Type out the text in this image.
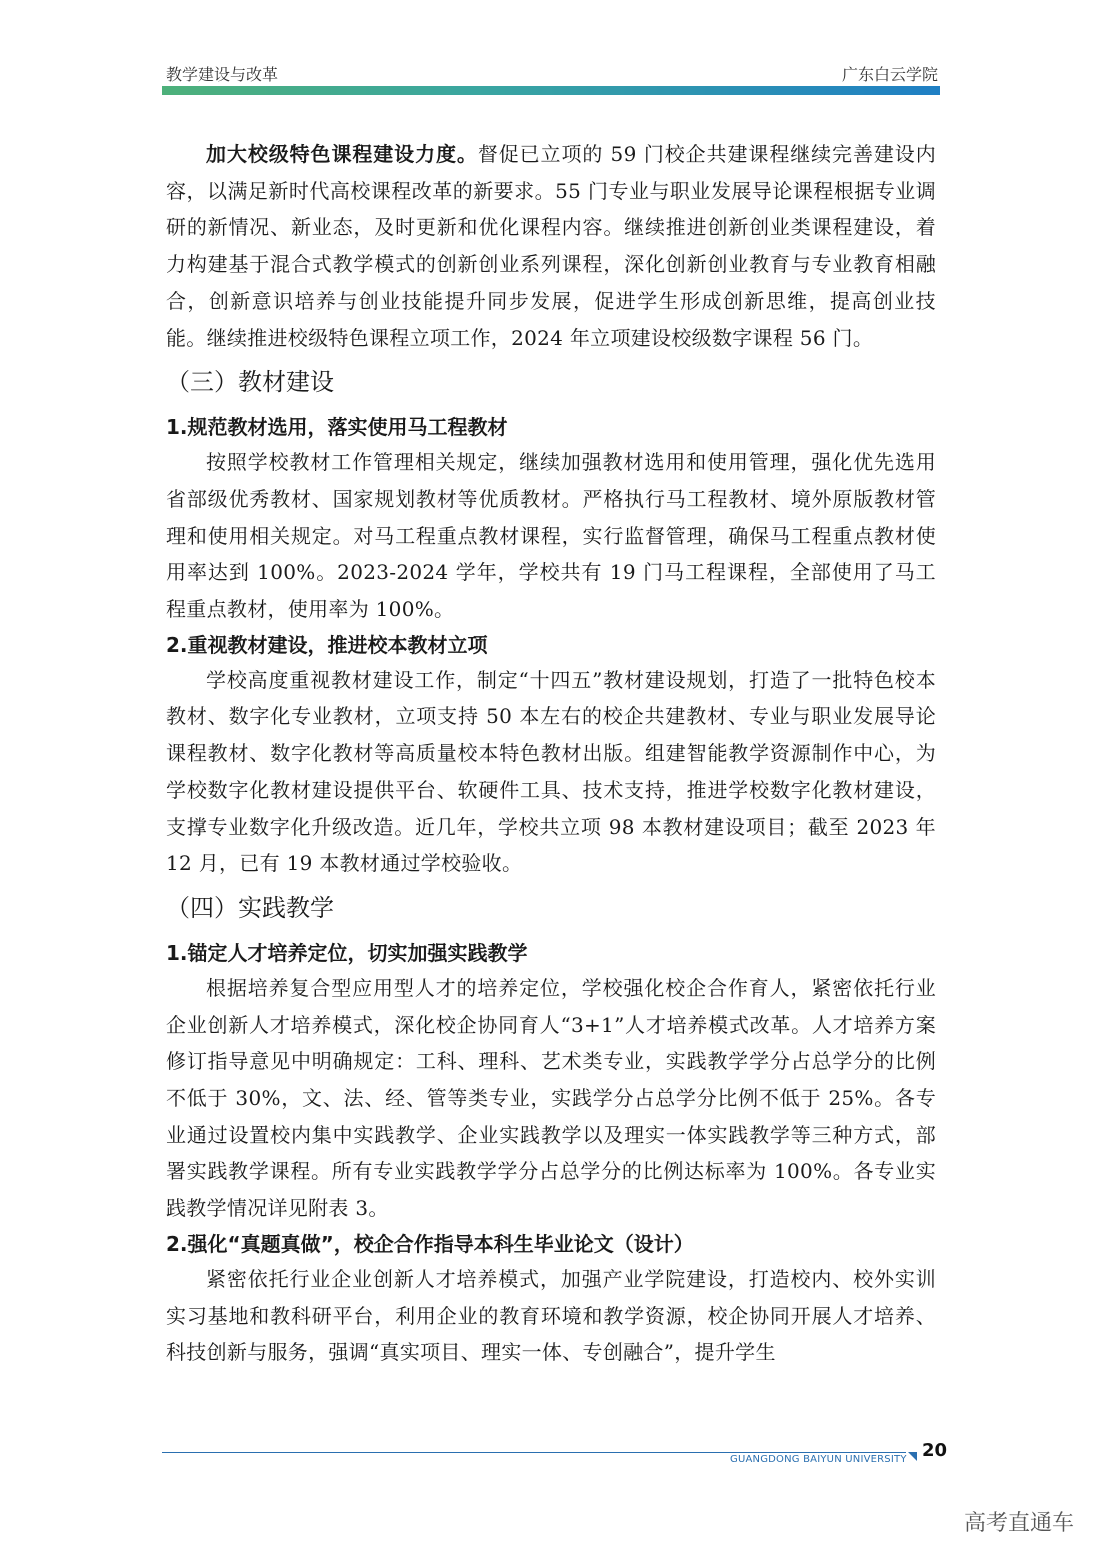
教学建设与改革	广东白云学院

加大校级特色课程建设力度。督促已立项的 59 门校企共建课程继续完善建设内容，以满足新时代高校课程改革的新要求。55 门专业与职业发展导论课程根据专业调研的新情况、新业态，及时更新和优化课程内容。继续推进创新创业类课程建设，着力构建基于混合式教学模式的创新创业系列课程，深化创新创业教育与专业教育相融合，创新意识培养与创业技能提升同步发展，促进学生形成创新思维，提高创业技能。继续推进校级特色课程立项工作，2024 年立项建设校级数字课程 56 门。

（三）教材建设
1.规范教材选用，落实使用马工程教材

按照学校教材工作管理相关规定，继续加强教材选用和使用管理，强化优先选用省部级优秀教材、国家规划教材等优质教材。严格执行马工程教材、境外原版教材管理和使用相关规定。对马工程重点教材课程，实行监督管理，确保马工程重点教材使用率达到 100%。2023-2024 学年，学校共有 19 门马工程课程，全部使用了马工程重点教材，使用率为 100%。

2.重视教材建设，推进校本教材立项

学校高度重视教材建设工作，制定“十四五”教材建设规划，打造了一批特色校本教材、数字化专业教材，立项支持 50 本左右的校企共建教材、专业与职业发展导论课程教材、数字化教材等高质量校本特色教材出版。组建智能教学资源制作中心，为学校数字化教材建设提供平台、软硬件工具、技术支持，推进学校数字化教材建设，支撑专业数字化升级改造。近几年，学校共立项 98 本教材建设项目；截至 2023 年 12 月，已有 19 本教材通过学校验收。

（四）实践教学
1.锚定人才培养定位，切实加强实践教学

根据培养复合型应用型人才的培养定位，学校强化校企合作育人，紧密依托行业企业创新人才培养模式，深化校企协同育人“3+1”人才培养模式改革。人才培养方案修订指导意见中明确规定：工科、理科、艺术类专业，实践教学学分占总学分的比例不低于 30%，文、法、经、管等类专业，实践学分占总学分比例不低于 25%。各专业通过设置校内集中实践教学、企业实践教学以及理实一体实践教学等三种方式，部署实践教学课程。所有专业实践教学学分占总学分的比例达标率为 100%。各专业实践教学情况详见附表 3。

2.强化“真题真做”，校企合作指导本科生毕业论文（设计）

紧密依托行业企业创新人才培养模式，加强产业学院建设，打造校内、校外实训实习基地和教科研平台，利用企业的教育环境和教学资源，校企协同开展人才培养、科技创新与服务，强调“真实项目、理实一体、专创融合”，提升学生

GUANGDONG BAIYUN UNIVERSITY 20
高考直通车
